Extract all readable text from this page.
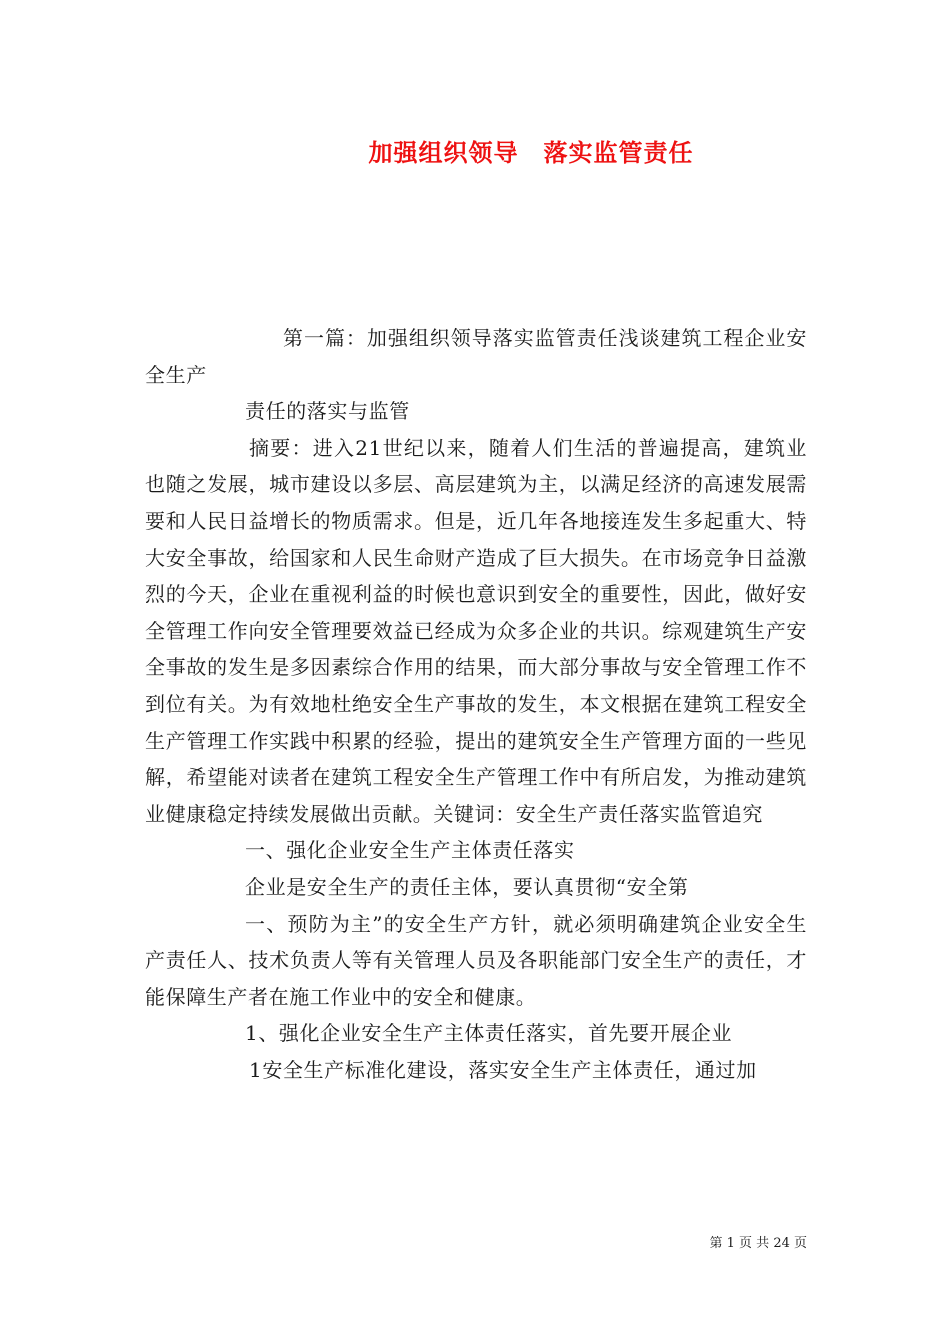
加强组织领导　落实监管责任

第一篇：加强组织领导落实监管责任浅谈建筑工程企业安全生产

责任的落实与监管

摘要：进入21世纪以来，随着人们生活的普遍提高，建筑业也随之发展，城市建设以多层、高层建筑为主，以满足经济的高速发展需要和人民日益增长的物质需求。但是，近几年各地接连发生多起重大、特大安全事故，给国家和人民生命财产造成了巨大损失。在市场竞争日益激烈的今天，企业在重视利益的时候也意识到安全的重要性，因此，做好安全管理工作向安全管理要效益已经成为众多企业的共识。综观建筑生产安全事故的发生是多因素综合作用的结果，而大部分事故与安全管理工作不到位有关。为有效地杜绝安全生产事故的发生，本文根据在建筑工程安全生产管理工作实践中积累的经验，提出的建筑安全生产管理方面的一些见解，希望能对读者在建筑工程安全生产管理工作中有所启发，为推动建筑业健康稳定持续发展做出贡献。关键词：安全生产责任落实监管追究

一、强化企业安全生产主体责任落实

企业是安全生产的责任主体，要认真贯彻“安全第

一、预防为主”的安全生产方针，就必须明确建筑企业安全生产责任人、技术负责人等有关管理人员及各职能部门安全生产的责任，才能保障生产者在施工作业中的安全和健康。

1、强化企业安全生产主体责任落实，首先要开展企业

1安全生产标准化建设，落实安全生产主体责任，通过加

第 1 页 共 24 页
